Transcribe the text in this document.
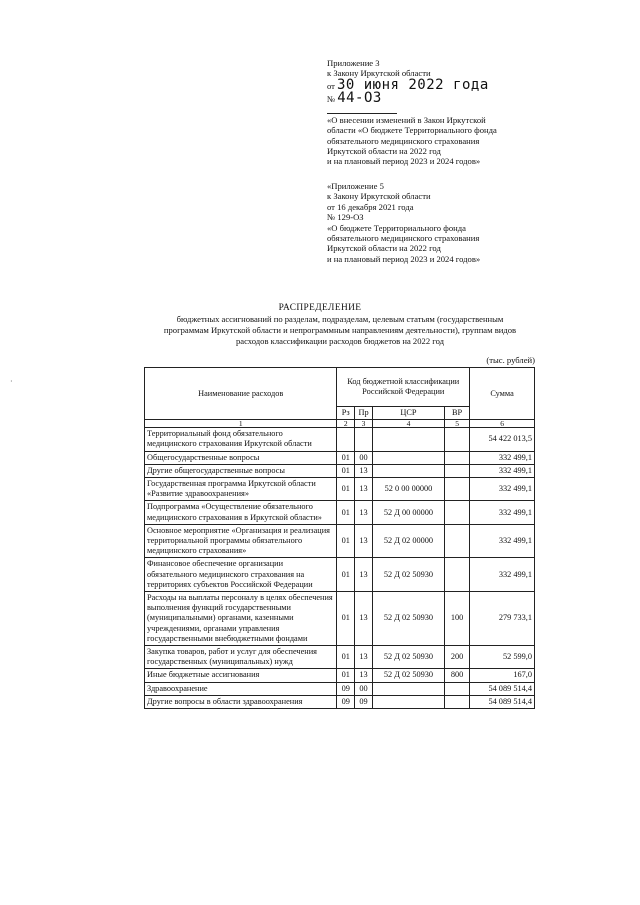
Приложение 3
к Закону Иркутской области
от 30 июня 2022 года
№ 44-ОЗ
«О внесении изменений в Закон Иркутской
области «О бюджете Территориального фонда
обязательного медицинского страхования
Иркутской области на 2022 год
и на плановый период 2023 и 2024 годов»
«Приложение 5
к Закону Иркутской области
от 16 декабря 2021 года
№ 129-ОЗ
«О бюджете Территориального фонда
обязательного медицинского страхования
Иркутской области на 2022 год
и на плановый период 2023 и 2024 годов»
РАСПРЕДЕЛЕНИЕ
бюджетных ассигнований по разделам, подразделам, целевым статьям (государственным
программам Иркутской области и непрограммным направлениям деятельности), группам видов
расходов классификации расходов бюджетов на 2022 год
(тыс. рублей)
·
Наименование расходов	Код бюджетной классификации Российской Федерации				Сумма
	Рз	Пр	ЦСР	ВР	
1	2	3	4	5	6
Территориальный фонд обязательного медицинского страхования Иркутской области					54 422 013,5
Общегосударственные вопросы	01	00			332 499,1
Другие общегосударственные вопросы	01	13			332 499,1
Государственная программа Иркутской области «Развитие здравоохранения»	01	13	52 0 00 00000		332 499,1
Подпрограмма «Осуществление обязательного медицинского страхования в Иркутской области»	01	13	52 Д 00 00000		332 499,1
Основное мероприятие «Организация и реализация территориальной программы обязательного медицинского страхования»	01	13	52 Д 02 00000		332 499,1
Финансовое обеспечение организации обязательного медицинского страхования на территориях субъектов Российской Федерации	01	13	52 Д 02 50930		332 499,1
Расходы на выплаты персоналу в целях обеспечения выполнения функций государственными (муниципальными) органами, казенными учреждениями, органами управления государственными внебюджетными фондами	01	13	52 Д 02 50930	100	279 733,1
Закупка товаров, работ и услуг для обеспечения государственных (муниципальных) нужд	01	13	52 Д 02 50930	200	52 599,0
Иные бюджетные ассигнования	01	13	52 Д 02 50930	800	167,0
Здравоохранение	09	00			54 089 514,4
Другие вопросы в области здравоохранения	09	09			54 089 514,4
